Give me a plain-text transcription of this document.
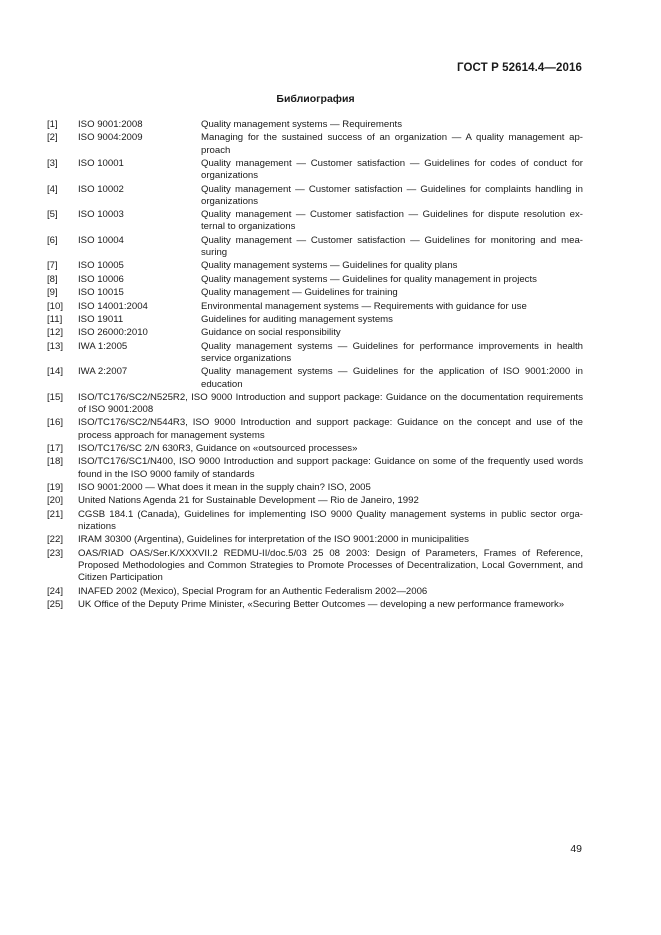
ГОСТ Р 52614.4—2016
Библиография
[1]	ISO 9001:2008	Quality management systems — Requirements
[2]	ISO 9004:2009	Managing for the sustained success of an organization — A quality management approach
[3]	ISO 10001	Quality management — Customer satisfaction — Guidelines for codes of conduct for organizations
[4]	ISO 10002	Quality management — Customer satisfaction — Guidelines for complaints handling in organizations
[5]	ISO 10003	Quality management — Customer satisfaction — Guidelines for dispute resolution external to organizations
[6]	ISO 10004	Quality management — Customer satisfaction — Guidelines for monitoring and measuring
[7]	ISO 10005	Quality management systems — Guidelines for quality plans
[8]	ISO 10006	Quality management systems — Guidelines for quality management in projects
[9]	ISO 10015	Quality management — Guidelines for training
[10]	ISO 14001:2004	Environmental management systems — Requirements with guidance for use
[11]	ISO 19011	Guidelines for auditing management systems
[12]	ISO 26000:2010	Guidance on social responsibility
[13]	IWA 1:2005	Quality management systems — Guidelines for performance improvements in health service organizations
[14]	IWA 2:2007	Quality management systems — Guidelines for the application of ISO 9001:2000 in education
[15]	ISO/TC176/SC2/N525R2, ISO 9000 Introduction and support package: Guidance on the documentation requirements of ISO 9001:2008
[16]	ISO/TC176/SC2/N544R3, ISO 9000 Introduction and support package: Guidance on the concept and use of the process approach for management systems
[17]	ISO/TC176/SC 2/N 630R3, Guidance on «outsourced processes»
[18]	ISO/TC176/SC1/N400, ISO 9000 Introduction and support package: Guidance on some of the frequently used words found in the ISO 9000 family of standards
[19]	ISO 9001:2000 — What does it mean in the supply chain? ISO, 2005
[20]	United Nations Agenda 21 for Sustainable Development — Rio de Janeiro, 1992
[21]	CGSB 184.1 (Canada), Guidelines for implementing ISO 9000 Quality management systems in public sector organizations
[22]	IRAM 30300 (Argentina), Guidelines for interpretation of the ISO 9001:2000 in municipalities
[23]	OAS/RIAD OAS/Ser.K/XXXVII.2 REDMU-II/doc.5/03 25 08 2003: Design of Parameters, Frames of Reference, Proposed Methodologies and Common Strategies to Promote Processes of Decentralization, Local Government, and Citizen Participation
[24]	INAFED 2002 (Mexico), Special Program for an Authentic Federalism 2002—2006
[25]	UK Office of the Deputy Prime Minister, «Securing Better Outcomes — developing a new performance framework»
49
